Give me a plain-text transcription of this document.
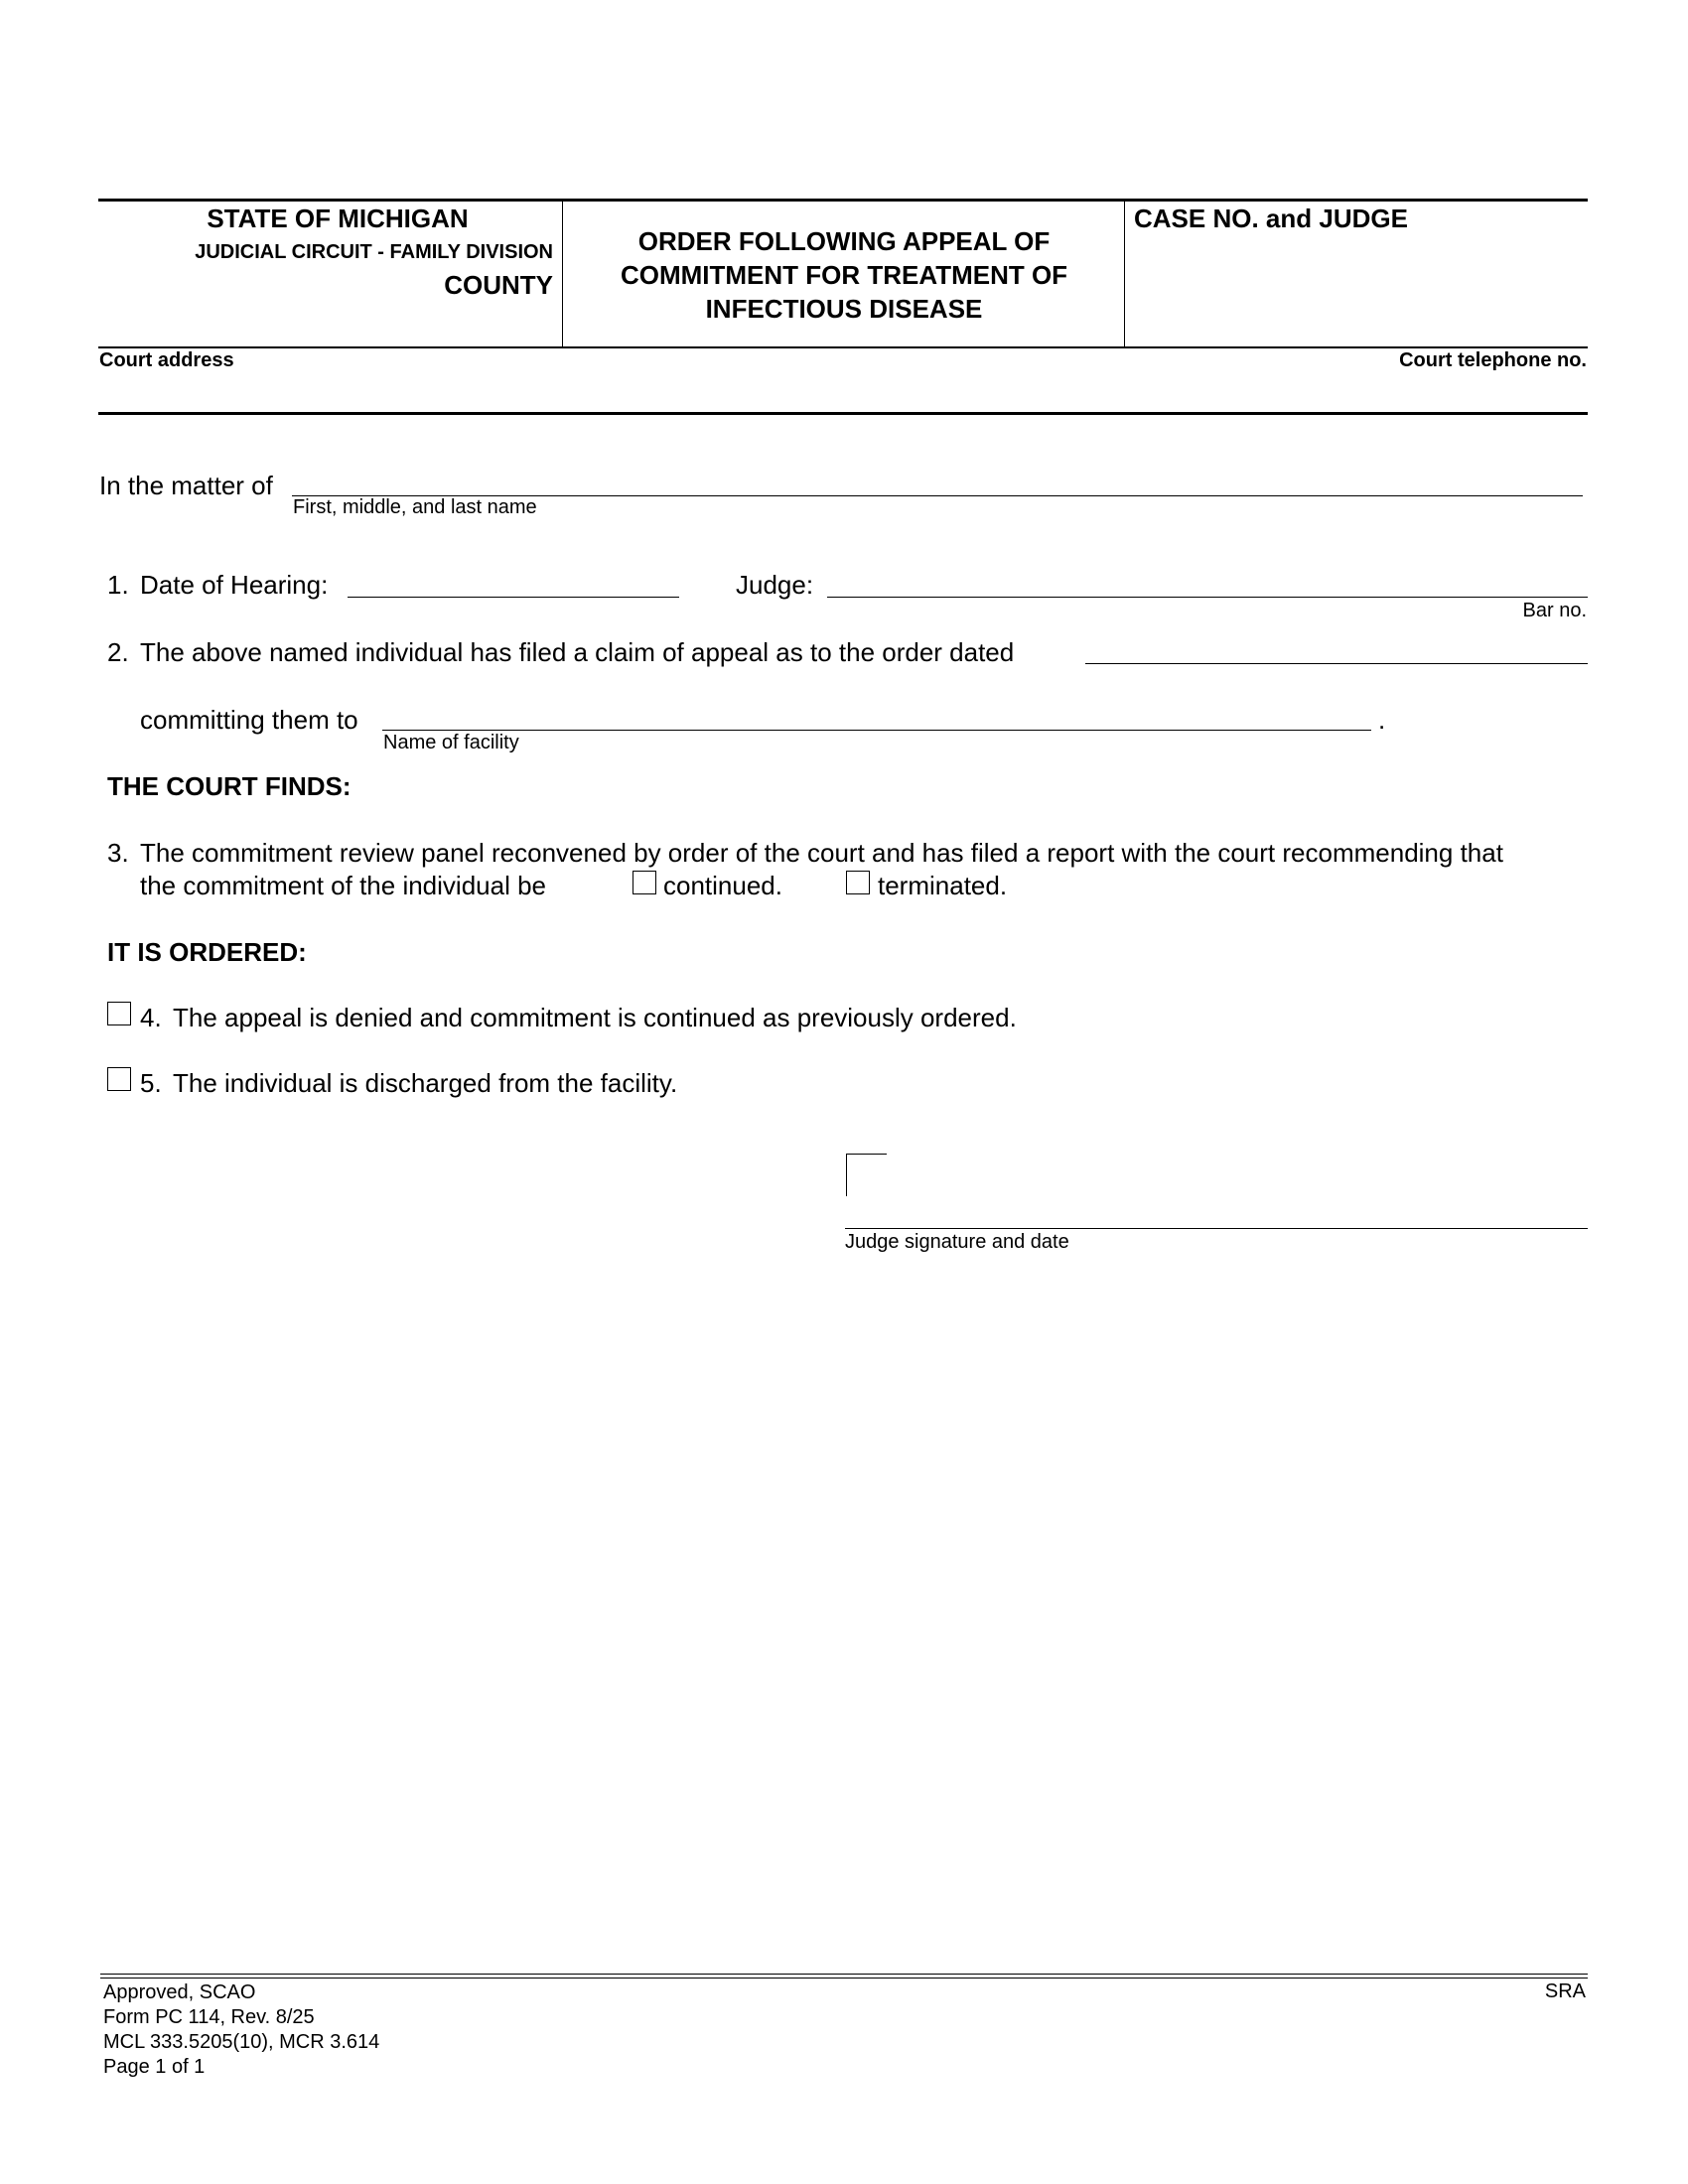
STATE OF MICHIGAN
JUDICIAL CIRCUIT - FAMILY DIVISION
COUNTY
ORDER FOLLOWING APPEAL OF
COMMITMENT FOR TREATMENT OF
INFECTIOUS DISEASE
CASE NO. and JUDGE
Court address	Court telephone no.
In the matter of
First, middle, and last name
1. Date of Hearing:	Judge:
Bar no.
2. The above named individual has filed a claim of appeal as to the order dated
committing them to	.
Name of facility
THE COURT FINDS:
3. The commitment review panel reconvened by order of the court and has filed a report with the court recommending that
the commitment of the individual be	continued.	terminated.
IT IS ORDERED:
4. The appeal is denied and commitment is continued as previously ordered.
5. The individual is discharged from the facility.
Judge signature and date
Approved, SCAO
Form PC 114, Rev. 8/25
MCL 333.5205(10), MCR 3.614
Page 1 of 1
SRA
